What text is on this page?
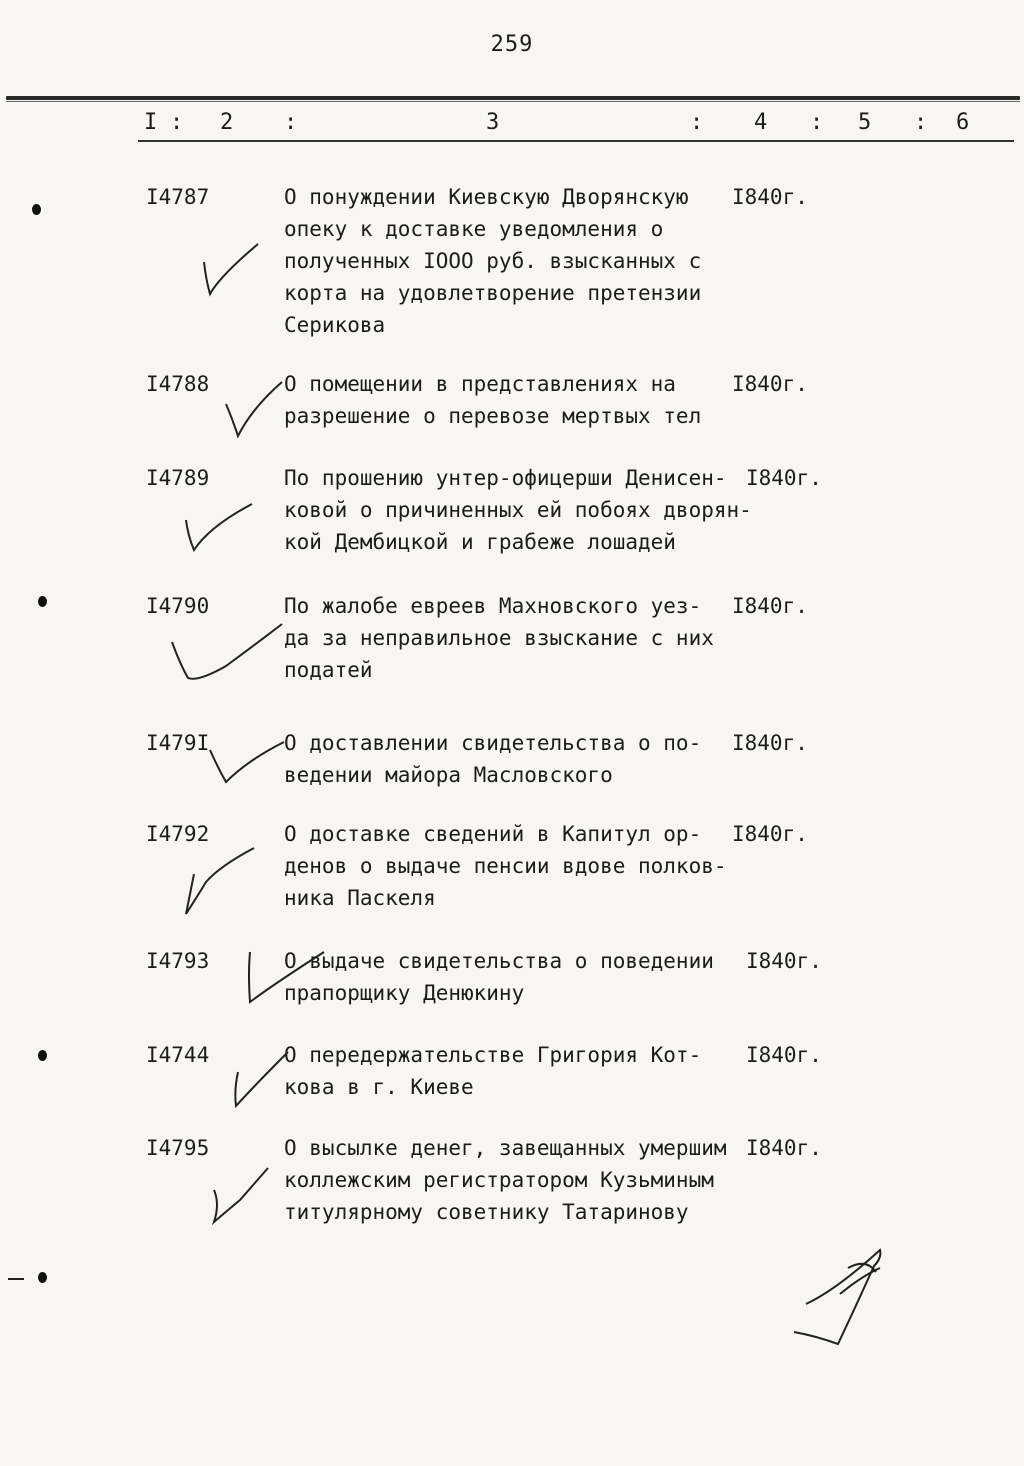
259
I : 2 :	3	: 4 : 5 : 6
I4787	О понуждении Киевскую Дворянскую
опеку к доставке уведомления о
полученных IООО руб. взысканных с
корта на удовлетворение претензии
Серикова
I840г.
I4788	О помещении в представлениях на
разрешение о перевозе мертвых тел
I840г.
I4789	По прошению унтер-офицерши Денисен-
ковой о причиненных ей побоях дворян-
кой Дембицкой и грабеже лошадей
I840г.
I4790	По жалобе евреев Махновского уез-
да за неправильное взыскание с них
податей
I840г.
I479I	О доставлении свидетельства о по-
ведении майора Масловского
I840г.
I4792	О доставке сведений в Капитул ор-
денов о выдаче пенсии вдове полков-
ника Паскеля
I840г.
I4793	О выдаче свидетельства о поведении
прапорщику Денюкину
I840г.
I4744	О передержательстве Григория Кот-
кова в г. Киеве
I840г.
I4795	О высылке денег, завещанных умершим
коллежским регистратором Кузьминым
титулярному советнику Татаринову
I840г.
